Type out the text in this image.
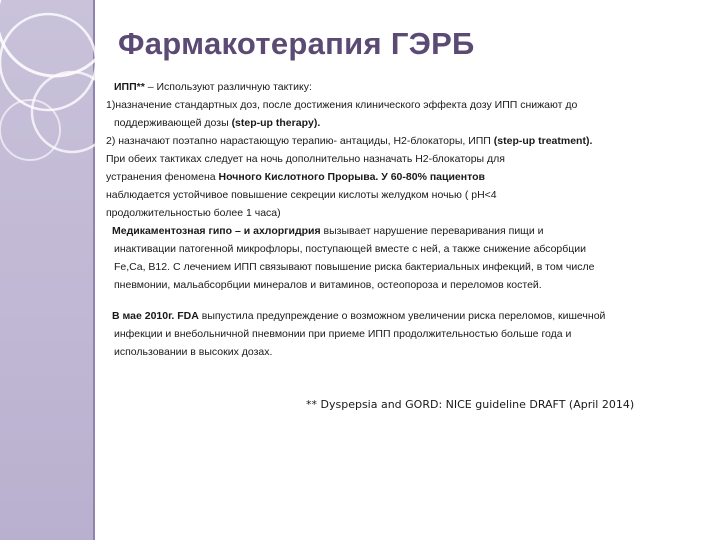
Фармакотерапия ГЭРБ

ИПП** – Используют различную тактику:

1)назначение стандартных доз, после достижения клинического эффекта дозу ИПП снижают до

поддерживающей дозы (step-up therapy).

2) назначают поэтапно нарастающую терапию- антациды, Н2-блокаторы, ИПП (step-up treatment).

При обеих тактиках следует на ночь дополнительно назначать Н2-блокаторы для

устранения феномена Ночного Кислотного Прорыва. У 60-80% пациентов

наблюдается устойчивое повышение секреции кислоты желудком ночью ( рН<4

продолжительностью более 1 часа)

Медикаментозная гипо – и ахлоргидрия вызывает нарушение переваривания пищи и

инактивации патогенной микрофлоры, поступающей вместе с ней, а также снижение абсорбции

Fe,Ca, B12. С лечением ИПП связывают повышение риска бактериальных инфекций, в том числе

пневмонии, мальабсорбции минералов и витаминов, остеопороза и переломов костей.

В мае 2010г. FDA выпустила предупреждение о возможном увеличении риска переломов, кишечной

инфекции и внебольничной пневмонии при приеме ИПП продолжительностью больше года и

использовании в высоких дозах.

** Dyspepsia and GORD: NICE guideline DRAFT (April 2014)
